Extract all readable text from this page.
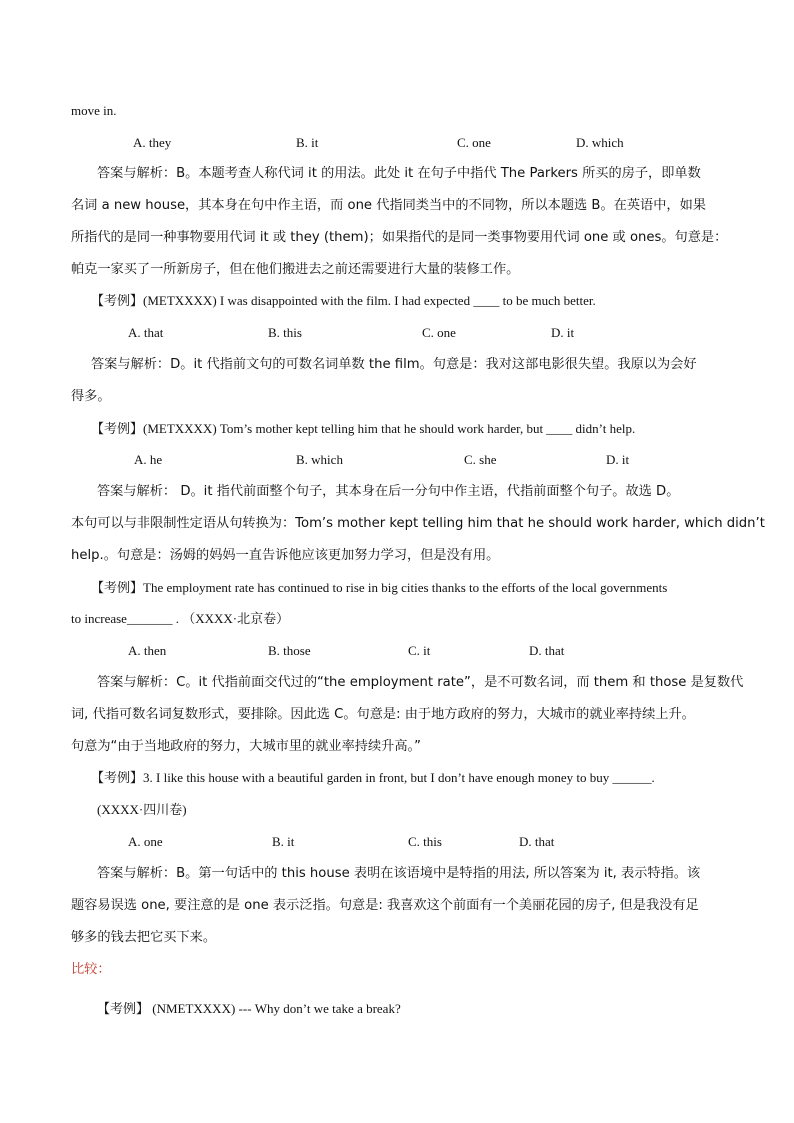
move in.
A. they	B. it	C. one	D. which
答案与解析：B。本题考查人称代词 it 的用法。此处 it 在句子中指代 The Parkers 所买的房子，即单数
名词 a new house，其本身在句中作主语，而 one 代指同类当中的不同物，所以本题选 B。在英语中，如果
所指代的是同一种事物要用代词 it 或 they (them)；如果指代的是同一类事物要用代词 one 或 ones。句意是：
帕克一家买了一所新房子，但在他们搬进去之前还需要进行大量的装修工作。
【考例】(METXXXX) I was disappointed with the film. I had expected ____ to be much better.
A. that	B. this	C. one	D. it
答案与解析：D。it 代指前文句的可数名词单数 the film。句意是：我对这部电影很失望。我原以为会好
得多。
【考例】(METXXXX) Tom’s mother kept telling him that he should work harder, but ____ didn’t help.
A. he	B. which	C. she	D. it
答案与解析： D。it 指代前面整个句子，其本身在后一分句中作主语，代指前面整个句子。故选 D。
本句可以与非限制性定语从句转换为：Tom’s mother kept telling him that he should work harder, which didn’t
help.。句意是：汤姆的妈妈一直告诉他应该更加努力学习，但是没有用。
【考例】The employment rate has continued to rise in big cities thanks to the efforts of the local governments
to increase_______ . （XXXX·北京卷）
A. then	B. those	C. it	D. that
答案与解析：C。it 代指前面交代过的“the employment rate”，是不可数名词，而 them 和 those 是复数代
词, 代指可数名词复数形式，要排除。因此选 C。句意是: 由于地方政府的努力，大城市的就业率持续上升。
句意为“由于当地政府的努力，大城市里的就业率持续升高。”
【考例】3. I like this house with a beautiful garden in front, but I don’t have enough money to buy ______.
(XXXX·四川卷)
A. one	B. it	C. this	D. that
答案与解析：B。第一句话中的 this house 表明在该语境中是特指的用法, 所以答案为 it, 表示特指。该
题容易误选 one, 要注意的是 one 表示泛指。句意是: 我喜欢这个前面有一个美丽花园的房子, 但是我没有足
够多的钱去把它买下来。
比较：
【考例】 (NMETXXXX) --- Why don’t we take a break?
